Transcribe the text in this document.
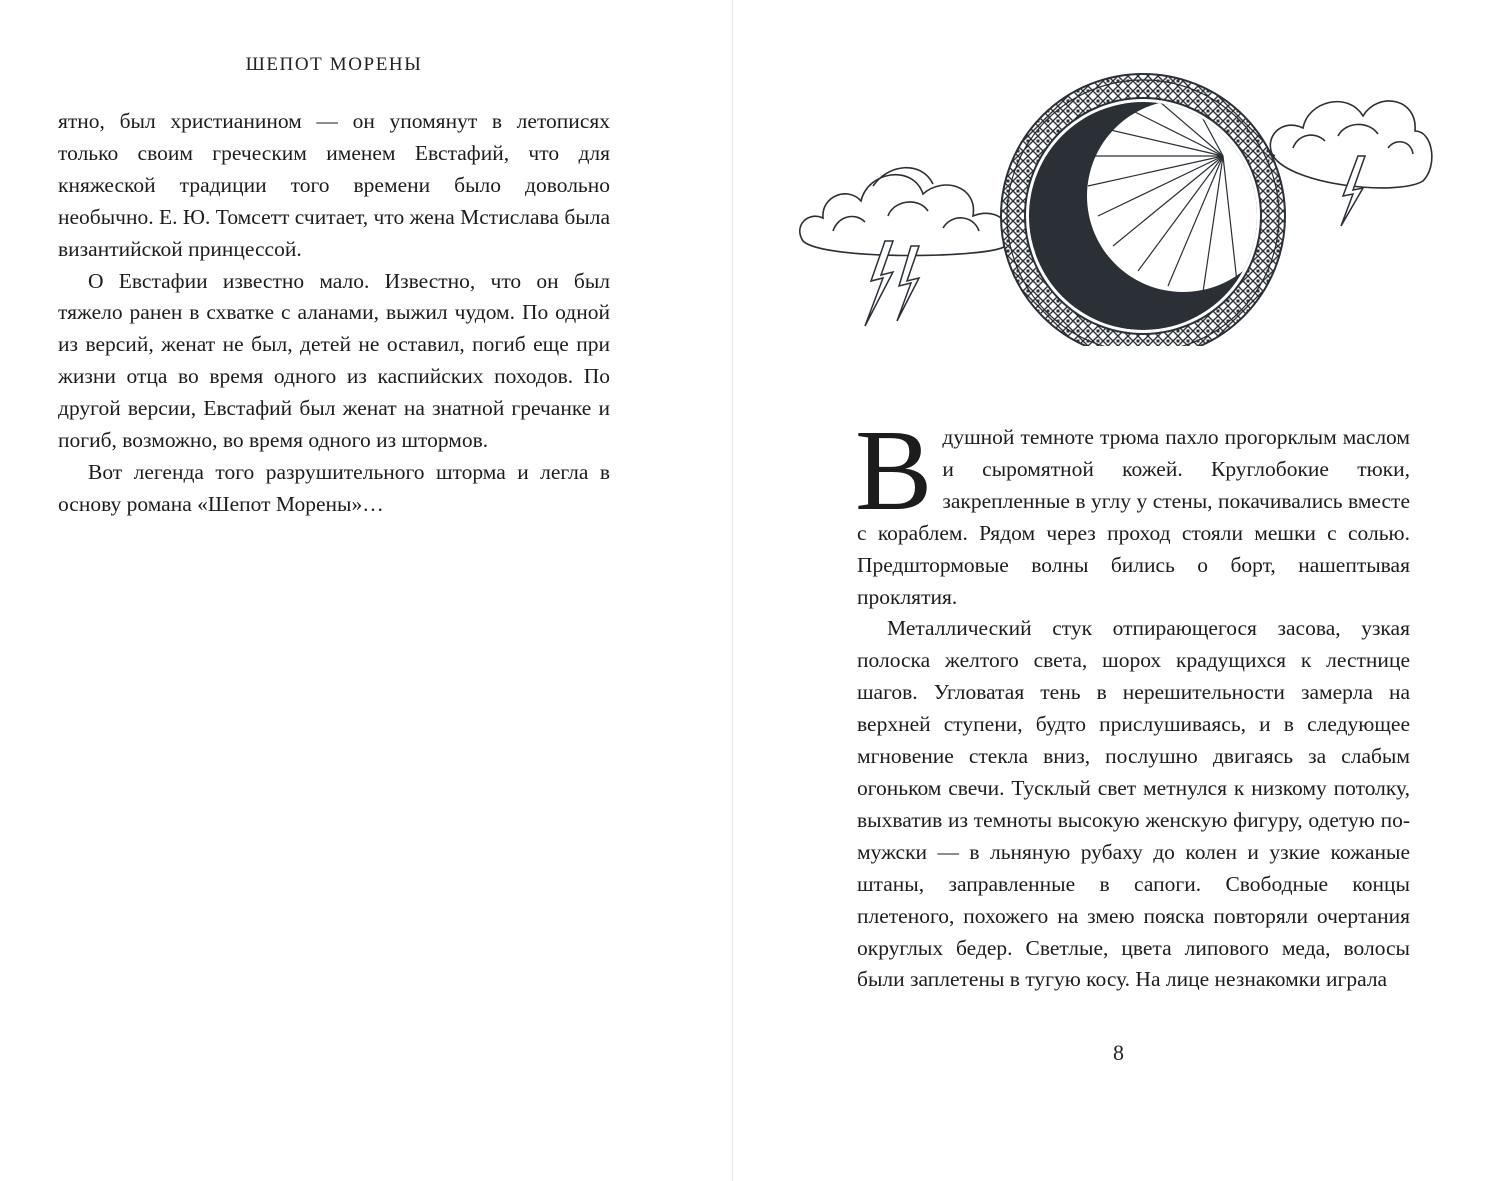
ШЕПОТ МОРЕНЫ

ятно, был христианином — он упомянут в летописях только своим греческим именем Евстафий, что для княжеской традиции того времени было довольно необычно. Е. Ю. Томсетт считает, что жена Мстислава была византийской принцессой.

О Евстафии известно мало. Известно, что он был тяжело ранен в схватке с аланами, выжил чудом. По одной из версий, женат не был, детей не оставил, погиб еще при жизни отца во время одного из каспийских походов. По другой версии, Евстафий был женат на знатной гречанке и погиб, возможно, во время одного из штормов.

Вот легенда того разрушительного шторма и легла в основу романа «Шепот Морены»…	В душной темноте трюма пахло прогорклым маслом и сыромятной кожей. Круглобокие тюки, закрепленные в углу у стены, покачивались вместе с кораблем. Рядом через проход стояли мешки с солью. Предштормовые волны бились о борт, нашептывая проклятия.

Металлический стук отпирающегося засова, узкая полоска желтого света, шорох крадущихся к лестнице шагов. Угловатая тень в нерешительности замерла на верхней ступени, будто прислушиваясь, и в следующее мгновение стекла вниз, послушно двигаясь за слабым огоньком свечи. Тусклый свет метнулся к низкому потолку, выхватив из темноты высокую женскую фигуру, одетую по-мужски — в льняную рубаху до колен и узкие кожаные штаны, заправленные в сапоги. Свободные концы плетеного, похожего на змею пояска повторяли очертания округлых бедер. Светлые, цвета липового меда, волосы были заплетены в тугую косу. На лице незнакомки играла

8
